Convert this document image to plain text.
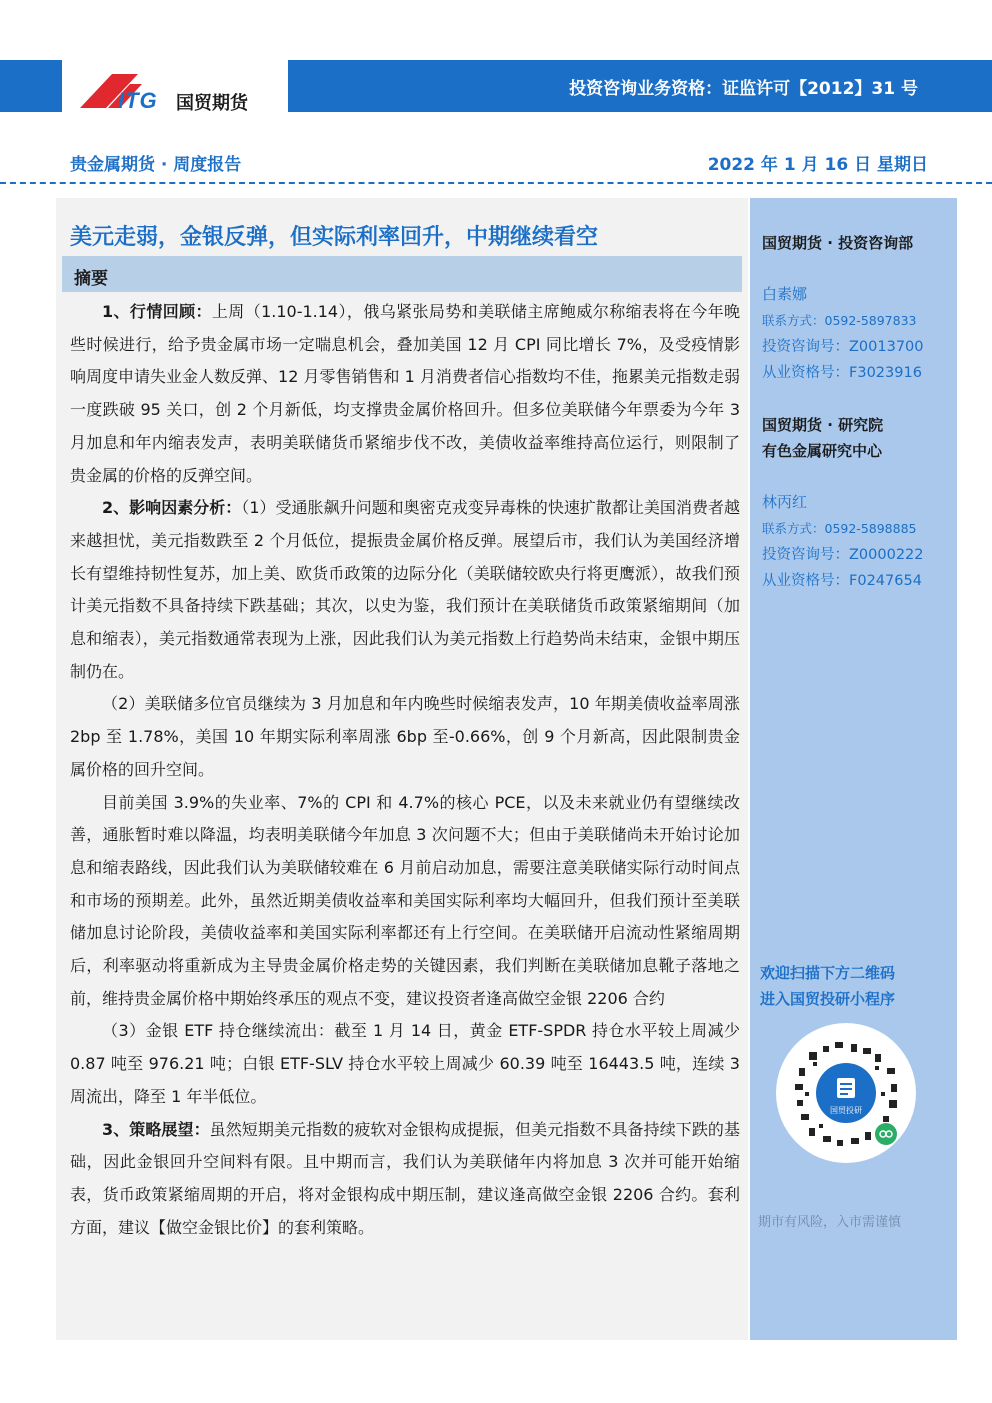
ITG 国贸期货
投资咨询业务资格：证监许可【2012】31 号
贵金属期货 · 周度报告	2022 年 1 月 16 日 星期日
美元走弱，金银反弹，但实际利率回升，中期继续看空
摘要

1、行情回顾：上周（1.10-1.14），俄乌紧张局势和美联储主席鲍威尔称缩表将在今年晚些时候进行，给予贵金属市场一定喘息机会，叠加美国 12 月 CPI 同比增长 7%，及受疫情影响周度申请失业金人数反弹、12 月零售销售和 1 月消费者信心指数均不佳，拖累美元指数走弱一度跌破 95 关口，创 2 个月新低，均支撑贵金属价格回升。但多位美联储今年票委为今年 3 月加息和年内缩表发声，表明美联储货币紧缩步伐不改，美债收益率维持高位运行，则限制了贵金属的价格的反弹空间。

2、影响因素分析：（1）受通胀飙升问题和奥密克戎变异毒株的快速扩散都让美国消费者越来越担忧，美元指数跌至 2 个月低位，提振贵金属价格反弹。展望后市，我们认为美国经济增长有望维持韧性复苏，加上美、欧货币政策的边际分化（美联储较欧央行将更鹰派），故我们预计美元指数不具备持续下跌基础；其次，以史为鉴，我们预计在美联储货币政策紧缩期间（加息和缩表），美元指数通常表现为上涨，因此我们认为美元指数上行趋势尚未结束，金银中期压制仍在。

（2）美联储多位官员继续为 3 月加息和年内晚些时候缩表发声，10 年期美债收益率周涨 2bp 至 1.78%，美国 10 年期实际利率周涨 6bp 至-0.66%，创 9 个月新高，因此限制贵金属价格的回升空间。

目前美国 3.9%的失业率、7%的 CPI 和 4.7%的核心 PCE，以及未来就业仍有望继续改善，通胀暂时难以降温，均表明美联储今年加息 3 次问题不大；但由于美联储尚未开始讨论加息和缩表路线，因此我们认为美联储较难在 6 月前启动加息，需要注意美联储实际行动时间点和市场的预期差。此外，虽然近期美债收益率和美国实际利率均大幅回升，但我们预计至美联储加息讨论阶段，美债收益率和美国实际利率都还有上行空间。在美联储开启流动性紧缩周期后，利率驱动将重新成为主导贵金属价格走势的关键因素，我们判断在美联储加息靴子落地之前，维持贵金属价格中期始终承压的观点不变，建议投资者逢高做空金银 2206 合约

（3）金银 ETF 持仓继续流出：截至 1 月 14 日，黄金 ETF-SPDR 持仓水平较上周减少 0.87 吨至 976.21 吨；白银 ETF-SLV 持仓水平较上周减少 60.39 吨至 16443.5 吨，连续 3 周流出，降至 1 年半低位。

3、策略展望：虽然短期美元指数的疲软对金银构成提振，但美元指数不具备持续下跌的基础，因此金银回升空间料有限。且中期而言，我们认为美联储年内将加息 3 次并可能开始缩表，货币政策紧缩周期的开启，将对金银构成中期压制，建议逢高做空金银 2206 合约。套利方面，建议【做空金银比价】的套利策略。

国贸期货 · 投资咨询部
白素娜
联系方式：0592-5897833
投资咨询号：Z0013700
从业资格号：F3023916
国贸期货 · 研究院
有色金属研究中心
林丙红
联系方式：0592-5898885
投资咨询号：Z0000222
从业资格号：F0247654
欢迎扫描下方二维码
进入国贸投研小程序
国贸投研
期市有风险，入市需谨慎
